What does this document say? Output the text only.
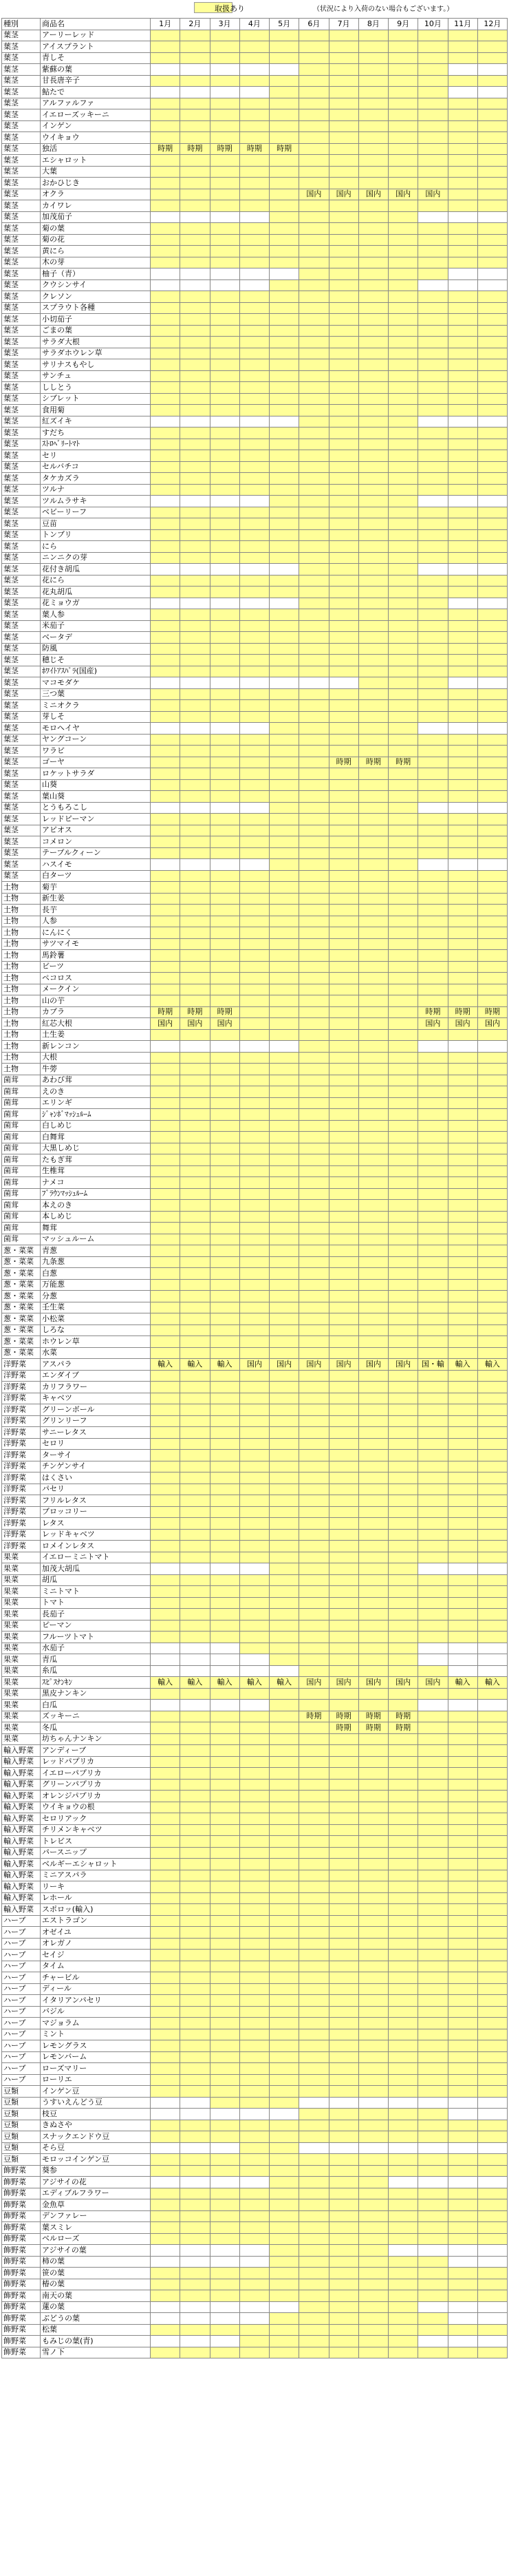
取扱あり	（状況により入荷のない場合もございます。）
種別	商品名	1月	2月	3月	4月	5月	6月	7月	8月	9月	10月	11月	12月
葉茎	アーリーレッド												
葉茎	アイスプラント												
葉茎	青しそ												
葉茎	紫蘇の葉												
葉茎	甘長唐辛子												
葉茎	鮎たで												
葉茎	アルファルファ												
葉茎	イエローズッキーニ												
葉茎	インゲン												
葉茎	ウイキョウ												
葉茎	独活	時期	時期	時期	時期	時期							
葉茎	エシャロット												
葉茎	大葉												
葉茎	おかひじき												
葉茎	オクラ						国内	国内	国内	国内	国内		
葉茎	カイワレ												
葉茎	加茂茄子												
葉茎	菊の葉												
葉茎	菊の花												
葉茎	黄にら												
葉茎	木の芽												
葉茎	柚子（青）												
葉茎	クウシンサイ												
葉茎	クレソン												
葉茎	スプラウト各種												
葉茎	小切茄子												
葉茎	ごまの葉												
葉茎	サラダ大根												
葉茎	サラダホウレン草												
葉茎	サリナスもやし												
葉茎	サンチュ												
葉茎	ししとう												
葉茎	シブレット												
葉茎	食用菊												
葉茎	紅ズイキ												
葉茎	すだち												
葉茎	ｽﾄﾛﾍﾞﾘｰﾄﾏﾄ												
葉茎	セリ												
葉茎	セルバチコ												
葉茎	タケカズラ												
葉茎	ツルナ												
葉茎	ツルムラサキ												
葉茎	ベビーリーフ												
葉茎	豆苗												
葉茎	トンブリ												
葉茎	にら												
葉茎	ニンニクの芽												
葉茎	花付き胡瓜												
葉茎	花にら												
葉茎	花丸胡瓜												
葉茎	花ミョウガ												
葉茎	葉人参												
葉茎	米茄子												
葉茎	ベータデ												
葉茎	防風												
葉茎	穂じそ												
葉茎	ﾎﾜｲﾄｱｽﾊﾟﾗ(国産)												
葉茎	マコモダケ												
葉茎	三つ葉												
葉茎	ミニオクラ												
葉茎	芽しそ												
葉茎	モロヘイヤ												
葉茎	ヤングコーン												
葉茎	ワラビ												
葉茎	ゴーヤ							時期	時期	時期			
葉茎	ロケットサラダ												
葉茎	山葵												
葉茎	葉山葵												
葉茎	とうもろこし												
葉茎	レッドピーマン												
葉茎	アピオス												
葉茎	コメロン												
葉茎	テーブルクィーン												
葉茎	ハスイモ												
葉茎	白ターツ												
土物	菊芋												
土物	新生姜												
土物	長芋												
土物	人参												
土物	にんにく												
土物	サツマイモ												
土物	馬鈴薯												
土物	ビーツ												
土物	ペコロス												
土物	メークイン												
土物	山の芋												
土物	カブラ	時期	時期	時期							時期	時期	時期
土物	紅芯大根	国内	国内	国内							国内	国内	国内
土物	土生姜												
土物	新レンコン												
土物	大根												
土物	牛蒡												
菌茸	あわび茸												
菌茸	えのき												
菌茸	エリンギ												
菌茸	ｼﾞｬﾝﾎﾞﾏｯｼｭﾙｰﾑ												
菌茸	白しめじ												
菌茸	白舞茸												
菌茸	大黒しめじ												
菌茸	たもぎ茸												
菌茸	生椎茸												
菌茸	ナメコ												
菌茸	ﾌﾞﾗｳﾝﾏｯｼｭﾙｰﾑ												
菌茸	本えのき												
菌茸	本しめじ												
菌茸	舞茸												
菌茸	マッシュルーム												
葱・菜菜	青葱												
葱・菜菜	九条葱												
葱・菜菜	白葱												
葱・菜菜	万能葱												
葱・菜菜	分葱												
葱・菜菜	壬生菜												
葱・菜菜	小松菜												
葱・菜菜	しろな												
葱・菜菜	ホウレン草												
葱・菜菜	水菜												
洋野菜	アスパラ	輸入	輸入	輸入	国内	国内	国内	国内	国内	国内	国・輸	輸入	輸入
洋野菜	エンダイブ												
洋野菜	カリフラワー												
洋野菜	キャベツ												
洋野菜	グリーンボール												
洋野菜	グリンリーフ												
洋野菜	サニーレタス												
洋野菜	セロリ												
洋野菜	ターサイ												
洋野菜	チンゲンサイ												
洋野菜	はくさい												
洋野菜	パセリ												
洋野菜	フリルレタス												
洋野菜	ブロッコリー												
洋野菜	レタス												
洋野菜	レッドキャベツ												
洋野菜	ロメインレタス												
果菜	イエローミニトマト												
果菜	加茂大胡瓜												
果菜	胡瓜												
果菜	ミニトマト												
果菜	トマト												
果菜	長茄子												
果菜	ピーマン												
果菜	フルーツトマト												
果菜	水茄子												
果菜	青瓜												
果菜	糸瓜												
果菜	ｽﾋﾟｽﾅﾝｷﾝ	輸入	輸入	輸入	輸入	輸入	国内	国内	国内	国内	国内	輸入	輸入
果菜	黒皮ナンキン												
果菜	白瓜												
果菜	ズッキーニ						時期	時期	時期	時期			
果菜	冬瓜							時期	時期	時期			
果菜	坊ちゃんナンキン												
輸入野菜	アンディーブ												
輸入野菜	レッドパプリカ												
輸入野菜	イエローパプリカ												
輸入野菜	グリーンパプリカ												
輸入野菜	オレンジパプリカ												
輸入野菜	ウイキョウの根												
輸入野菜	セロリアック												
輸入野菜	チリメンキャベツ												
輸入野菜	トレビス												
輸入野菜	パースニップ												
輸入野菜	ベルギーエシャロット												
輸入野菜	ミニアスパラ												
輸入野菜	リーキ												
輸入野菜	レホール												
輸入野菜	スポロッ(輸入)												
ハーブ	エストラゴン												
ハーブ	オゼイユ												
ハーブ	オレガノ												
ハーブ	セイジ												
ハーブ	タイム												
ハーブ	チャービル												
ハーブ	ディール												
ハーブ	イタリアンパセリ												
ハーブ	バジル												
ハーブ	マジョラム												
ハーブ	ミント												
ハーブ	レモングラス												
ハーブ	レモンバーム												
ハーブ	ローズマリー												
ハーブ	ローリエ												
豆類	インゲン豆												
豆類	うすいえんどう豆												
豆類	枝豆												
豆類	きぬさや												
豆類	スナックエンドウ豆												
豆類	そら豆												
豆類	モロッコインゲン豆												
飾野菜	葵参												
飾野菜	アジサイの花												
飾野菜	エディブルフラワー												
飾野菜	金魚草												
飾野菜	デンファレー												
飾野菜	葉スミレ												
飾野菜	ベルローズ												
飾野菜	アジサイの葉												
飾野菜	柿の葉												
飾野菜	笹の葉												
飾野菜	椿の葉												
飾野菜	南天の葉												
飾野菜	蓮の葉												
飾野菜	ぶどうの葉												
飾野菜	松葉												
飾野菜	もみじの葉(青)												
飾野菜	雪ノ下												
